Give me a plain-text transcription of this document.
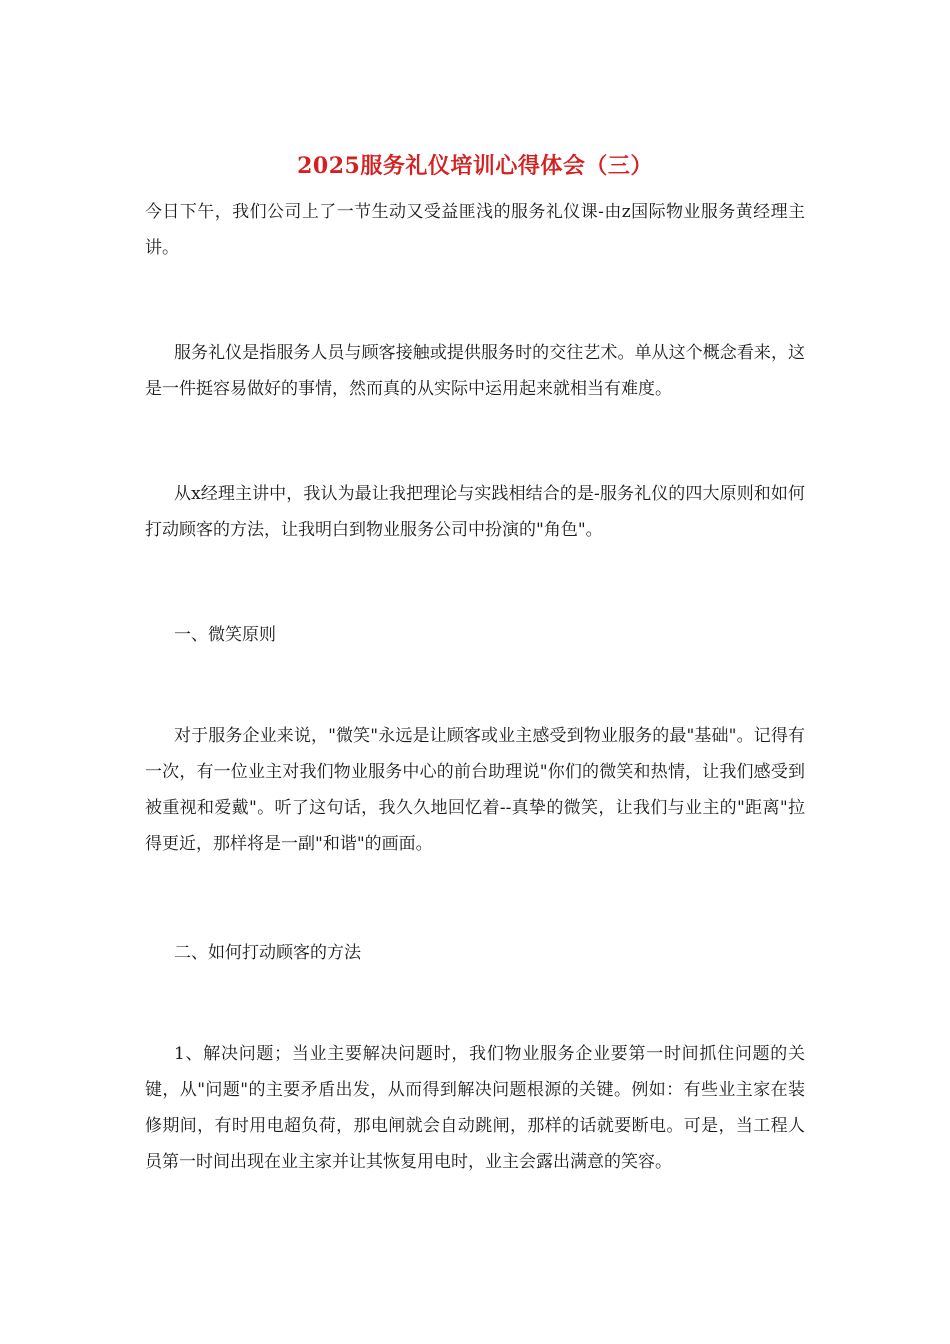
2025服务礼仪培训心得体会（三）

今日下午，我们公司上了一节生动又受益匪浅的服务礼仪课-由z国际物业服务黄经理主讲。

服务礼仪是指服务人员与顾客接触或提供服务时的交往艺术。单从这个概念看来，这是一件挺容易做好的事情，然而真的从实际中运用起来就相当有难度。

从x经理主讲中，我认为最让我把理论与实践相结合的是-服务礼仪的四大原则和如何打动顾客的方法，让我明白到物业服务公司中扮演的"角色"。

一、微笑原则

对于服务企业来说，"微笑"永远是让顾客或业主感受到物业服务的最"基础"。记得有一次，有一位业主对我们物业服务中心的前台助理说"你们的微笑和热情，让我们感受到被重视和爱戴"。听了这句话，我久久地回忆着--真挚的微笑，让我们与业主的"距离"拉得更近，那样将是一副"和谐"的画面。

二、如何打动顾客的方法

1、解决问题；当业主要解决问题时，我们物业服务企业要第一时间抓住问题的关键，从"问题"的主要矛盾出发，从而得到解决问题根源的关键。例如：有些业主家在装修期间，有时用电超负荷，那电闸就会自动跳闸，那样的话就要断电。可是，当工程人员第一时间出现在业主家并让其恢复用电时，业主会露出满意的笑容。
